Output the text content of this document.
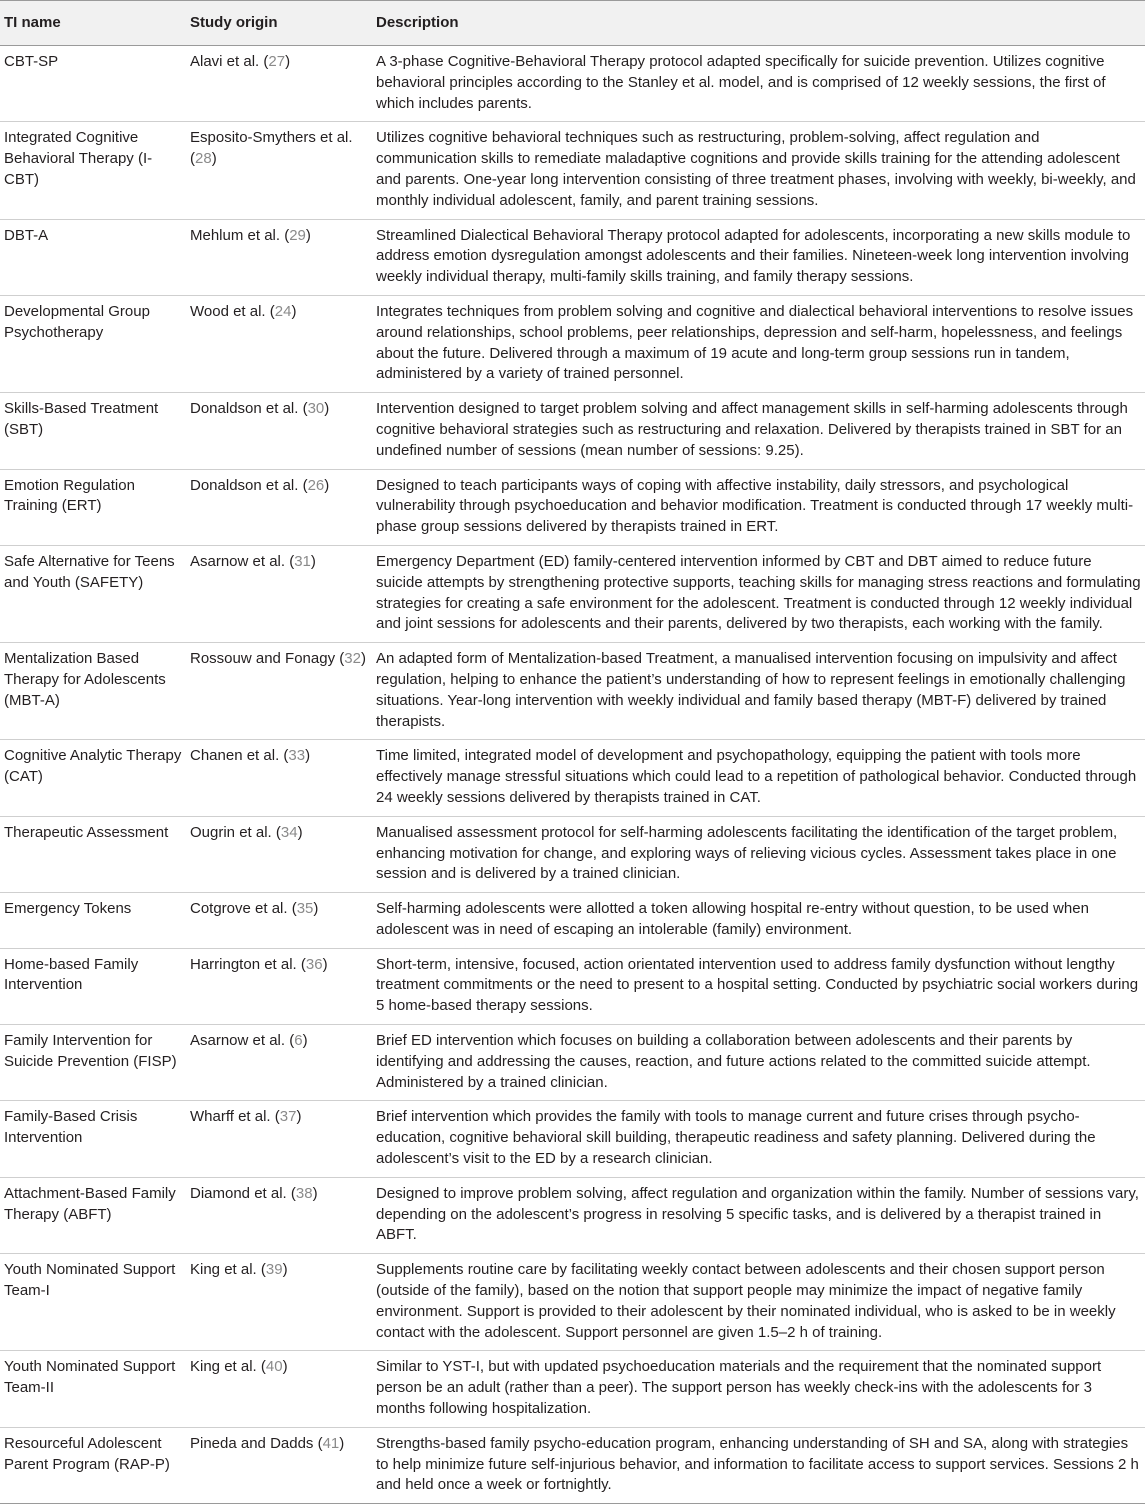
TI name	Study origin	Description
CBT-SP	Alavi et al. (27)	A 3-phase Cognitive-Behavioral Therapy protocol adapted specifically for suicide prevention. Utilizes cognitive behavioral principles according to the Stanley et al. model, and is comprised of 12 weekly sessions, the first of which includes parents.
Integrated Cognitive Behavioral Therapy (I-CBT)	Esposito-Smythers et al. (28)	Utilizes cognitive behavioral techniques such as restructuring, problem-solving, affect regulation and communication skills to remediate maladaptive cognitions and provide skills training for the attending adolescent and parents. One-year long intervention consisting of three treatment phases, involving with weekly, bi-weekly, and monthly individual adolescent, family, and parent training sessions.
DBT-A	Mehlum et al. (29)	Streamlined Dialectical Behavioral Therapy protocol adapted for adolescents, incorporating a new skills module to address emotion dysregulation amongst adolescents and their families. Nineteen-week long intervention involving weekly individual therapy, multi-family skills training, and family therapy sessions.
Developmental Group Psychotherapy	Wood et al. (24)	Integrates techniques from problem solving and cognitive and dialectical behavioral interventions to resolve issues around relationships, school problems, peer relationships, depression and self-harm, hopelessness, and feelings about the future. Delivered through a maximum of 19 acute and long-term group sessions run in tandem, administered by a variety of trained personnel.
Skills-Based Treatment (SBT)	Donaldson et al. (30)	Intervention designed to target problem solving and affect management skills in self-harming adolescents through cognitive behavioral strategies such as restructuring and relaxation. Delivered by therapists trained in SBT for an undefined number of sessions (mean number of sessions: 9.25).
Emotion Regulation Training (ERT)	Donaldson et al. (26)	Designed to teach participants ways of coping with affective instability, daily stressors, and psychological vulnerability through psychoeducation and behavior modification. Treatment is conducted through 17 weekly multi-phase group sessions delivered by therapists trained in ERT.
Safe Alternative for Teens and Youth (SAFETY)	Asarnow et al. (31)	Emergency Department (ED) family-centered intervention informed by CBT and DBT aimed to reduce future suicide attempts by strengthening protective supports, teaching skills for managing stress reactions and formulating strategies for creating a safe environment for the adolescent. Treatment is conducted through 12 weekly individual and joint sessions for adolescents and their parents, delivered by two therapists, each working with the family.
Mentalization Based Therapy for Adolescents (MBT-A)	Rossouw and Fonagy (32)	An adapted form of Mentalization-based Treatment, a manualised intervention focusing on impulsivity and affect regulation, helping to enhance the patient’s understanding of how to represent feelings in emotionally challenging situations. Year-long intervention with weekly individual and family based therapy (MBT-F) delivered by trained therapists.
Cognitive Analytic Therapy (CAT)	Chanen et al. (33)	Time limited, integrated model of development and psychopathology, equipping the patient with tools more effectively manage stressful situations which could lead to a repetition of pathological behavior. Conducted through 24 weekly sessions delivered by therapists trained in CAT.
Therapeutic Assessment	Ougrin et al. (34)	Manualised assessment protocol for self-harming adolescents facilitating the identification of the target problem, enhancing motivation for change, and exploring ways of relieving vicious cycles. Assessment takes place in one session and is delivered by a trained clinician.
Emergency Tokens	Cotgrove et al. (35)	Self-harming adolescents were allotted a token allowing hospital re-entry without question, to be used when adolescent was in need of escaping an intolerable (family) environment.
Home-based Family Intervention	Harrington et al. (36)	Short-term, intensive, focused, action orientated intervention used to address family dysfunction without lengthy treatment commitments or the need to present to a hospital setting. Conducted by psychiatric social workers during 5 home-based therapy sessions.
Family Intervention for Suicide Prevention (FISP)	Asarnow et al. (6)	Brief ED intervention which focuses on building a collaboration between adolescents and their parents by identifying and addressing the causes, reaction, and future actions related to the committed suicide attempt. Administered by a trained clinician.
Family-Based Crisis Intervention	Wharff et al. (37)	Brief intervention which provides the family with tools to manage current and future crises through psycho-education, cognitive behavioral skill building, therapeutic readiness and safety planning. Delivered during the adolescent’s visit to the ED by a research clinician.
Attachment-Based Family Therapy (ABFT)	Diamond et al. (38)	Designed to improve problem solving, affect regulation and organization within the family. Number of sessions vary, depending on the adolescent’s progress in resolving 5 specific tasks, and is delivered by a therapist trained in ABFT.
Youth Nominated Support Team-I	King et al. (39)	Supplements routine care by facilitating weekly contact between adolescents and their chosen support person (outside of the family), based on the notion that support people may minimize the impact of negative family environment. Support is provided to their adolescent by their nominated individual, who is asked to be in weekly contact with the adolescent. Support personnel are given 1.5–2 h of training.
Youth Nominated Support Team-II	King et al. (40)	Similar to YST-I, but with updated psychoeducation materials and the requirement that the nominated support person be an adult (rather than a peer). The support person has weekly check-ins with the adolescents for 3 months following hospitalization.
Resourceful Adolescent Parent Program (RAP-P)	Pineda and Dadds (41)	Strengths-based family psycho-education program, enhancing understanding of SH and SA, along with strategies to help minimize future self-injurious behavior, and information to facilitate access to support services. Sessions 2 h and held once a week or fortnightly.
